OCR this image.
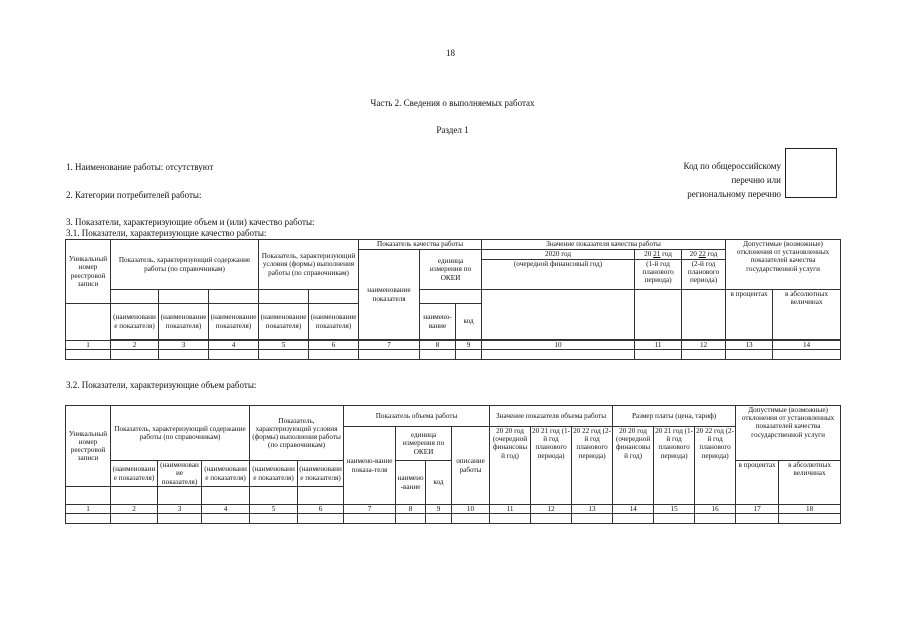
18
Часть 2. Сведения о выполняемых работах
Раздел 1
1. Наименование работы: отсутствуют
2. Категории потребителей работы:
Код по общероссийскому
перечню или
региональному перечню
3. Показатели, характеризующие объем и (или) качество работы:
3.1. Показатели, характеризующие качество работы:
Уникальный номер реестровой записи	Показатель, характеризующий содержание работы (по справочникам)			Показатель, характеризующий условия (формы) выполнения работы (по справочникам)		Показатель качества работы			Значение показателя качества работы			Допустимые (возможные) отклонения от установленных показателей качества государственной услуги	
						наименование показателя	единица измерения по ОКЕИ		2020 год	20 21 год	20 22 год		
									(очередной финансовый год)	(1-й год планового периода)	(2-й год планового периода)		
												в процентах	в абсолютных величинах
	(наименование показателя)	(наименование показателя)	(наименование показателя)	(наименование показателя)	(наименование показателя)		наимено-вание	код					

1	2	3	4	5	6	7	8	9	10	11	12	13	14

3.2. Показатели, характеризующие объем работы:
Уникальный номер реестровой записи	Показатель, характеризующий содержание работы (по справочникам)			Показатель, характеризующий условия (формы) выполнения работы (по справочникам)		Показатель объема работы				Значение показателя объема работы			Размер платы (цена, тариф)			Допустимые (возможные) отклонения от установленных показателей качества государственной услуги	
						наимено-вание показа-теля	единица измерения по ОКЕИ		описание работы	20 20 год (очередной финансовый год)	20 21 год (1-й год планового периода)	20 22 год (2-й год планового периода)	20 20 год (очередной финансовый год)	20 21 год (1-й год планового периода)	20 22 год (2-й год планового периода)		
	(наименование показателя)	(наименование показателя)	(наименование показателя)	(наименование показателя)	(наименование показателя)		наимено-вание	код								в процентах	в абсолютных величинах

1	2	3	4	5	6	7	8	9	10	11	12	13	14	15	16	17	18
